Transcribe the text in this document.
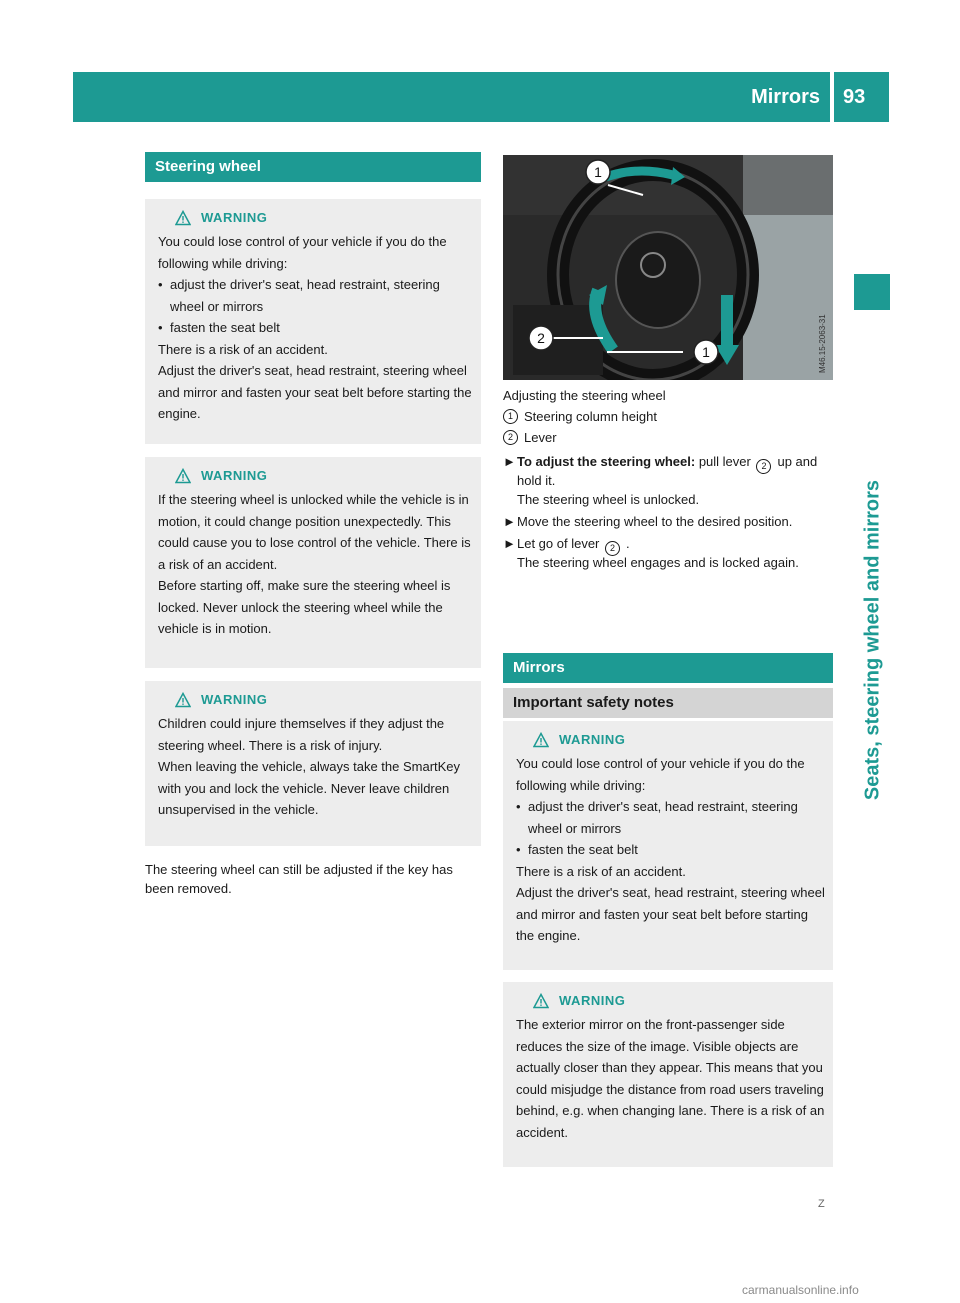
Mirrors 93
Seats, steering wheel and mirrors
Steering wheel
WARNING

You could lose control of your vehicle if you do the following while driving:

• adjust the driver's seat, head restraint, steering wheel or mirrors
• fasten the seat belt

There is a risk of an accident.

Adjust the driver's seat, head restraint, steering wheel and mirror and fasten your seat belt before starting the engine.

WARNING

If the steering wheel is unlocked while the vehicle is in motion, it could change position unexpectedly. This could cause you to lose control of the vehicle. There is a risk of an accident.

Before starting off, make sure the steering wheel is locked. Never unlock the steering wheel while the vehicle is in motion.

WARNING

Children could injure themselves if they adjust the steering wheel. There is a risk of injury.

When leaving the vehicle, always take the SmartKey with you and lock the vehicle. Never leave children unsupervised in the vehicle.

The steering wheel can still be adjusted if the key has been removed.
1
2
1	M46.15-2063-31
Adjusting the steering wheel
1 Steering column height
2 Lever
► To adjust the steering wheel: pull lever 2 up and hold it.
The steering wheel is unlocked.
► Move the steering wheel to the desired position.
► Let go of lever 2 .
The steering wheel engages and is locked again.
Mirrors
Important safety notes
WARNING

You could lose control of your vehicle if you do the following while driving:

• adjust the driver's seat, head restraint, steering wheel or mirrors
• fasten the seat belt

There is a risk of an accident.

Adjust the driver's seat, head restraint, steering wheel and mirror and fasten your seat belt before starting the engine.

WARNING

The exterior mirror on the front-passenger side reduces the size of the image. Visible objects are actually closer than they appear. This means that you could misjudge the distance from road users traveling behind, e.g. when changing lane. There is a risk of an accident.

Z
carmanualsonline.info
